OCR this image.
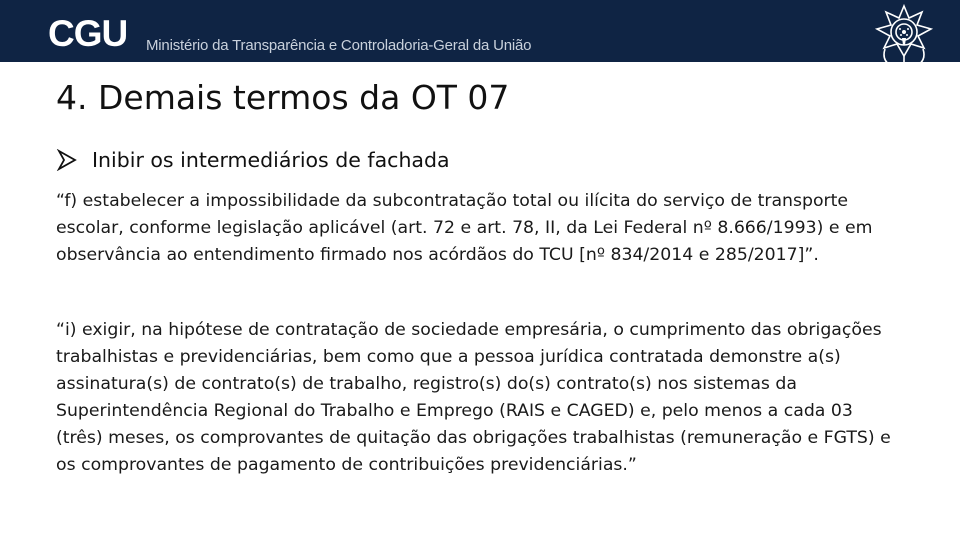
CGU Ministério da Transparência e Controladoria-Geral da União
4. Demais termos da OT 07
Inibir os intermediários de fachada

“f) estabelecer a impossibilidade da subcontratação total ou ilícita do serviço de transporte escolar, conforme legislação aplicável (art. 72 e art. 78, II, da Lei Federal nº 8.666/1993) e em observância ao entendimento firmado nos acórdãos do TCU [nº 834/2014 e 285/2017]”.

“i) exigir, na hipótese de contratação de sociedade empresária, o cumprimento das obrigações trabalhistas e previdenciárias, bem como que a pessoa jurídica contratada demonstre a(s) assinatura(s) de contrato(s) de trabalho, registro(s) do(s) contrato(s) nos sistemas da Superintendência Regional do Trabalho e Emprego (RAIS e CAGED) e, pelo menos a cada 03 (três) meses, os comprovantes de quitação das obrigações trabalhistas (remuneração e FGTS) e os comprovantes de pagamento de contribuições previdenciárias.”
